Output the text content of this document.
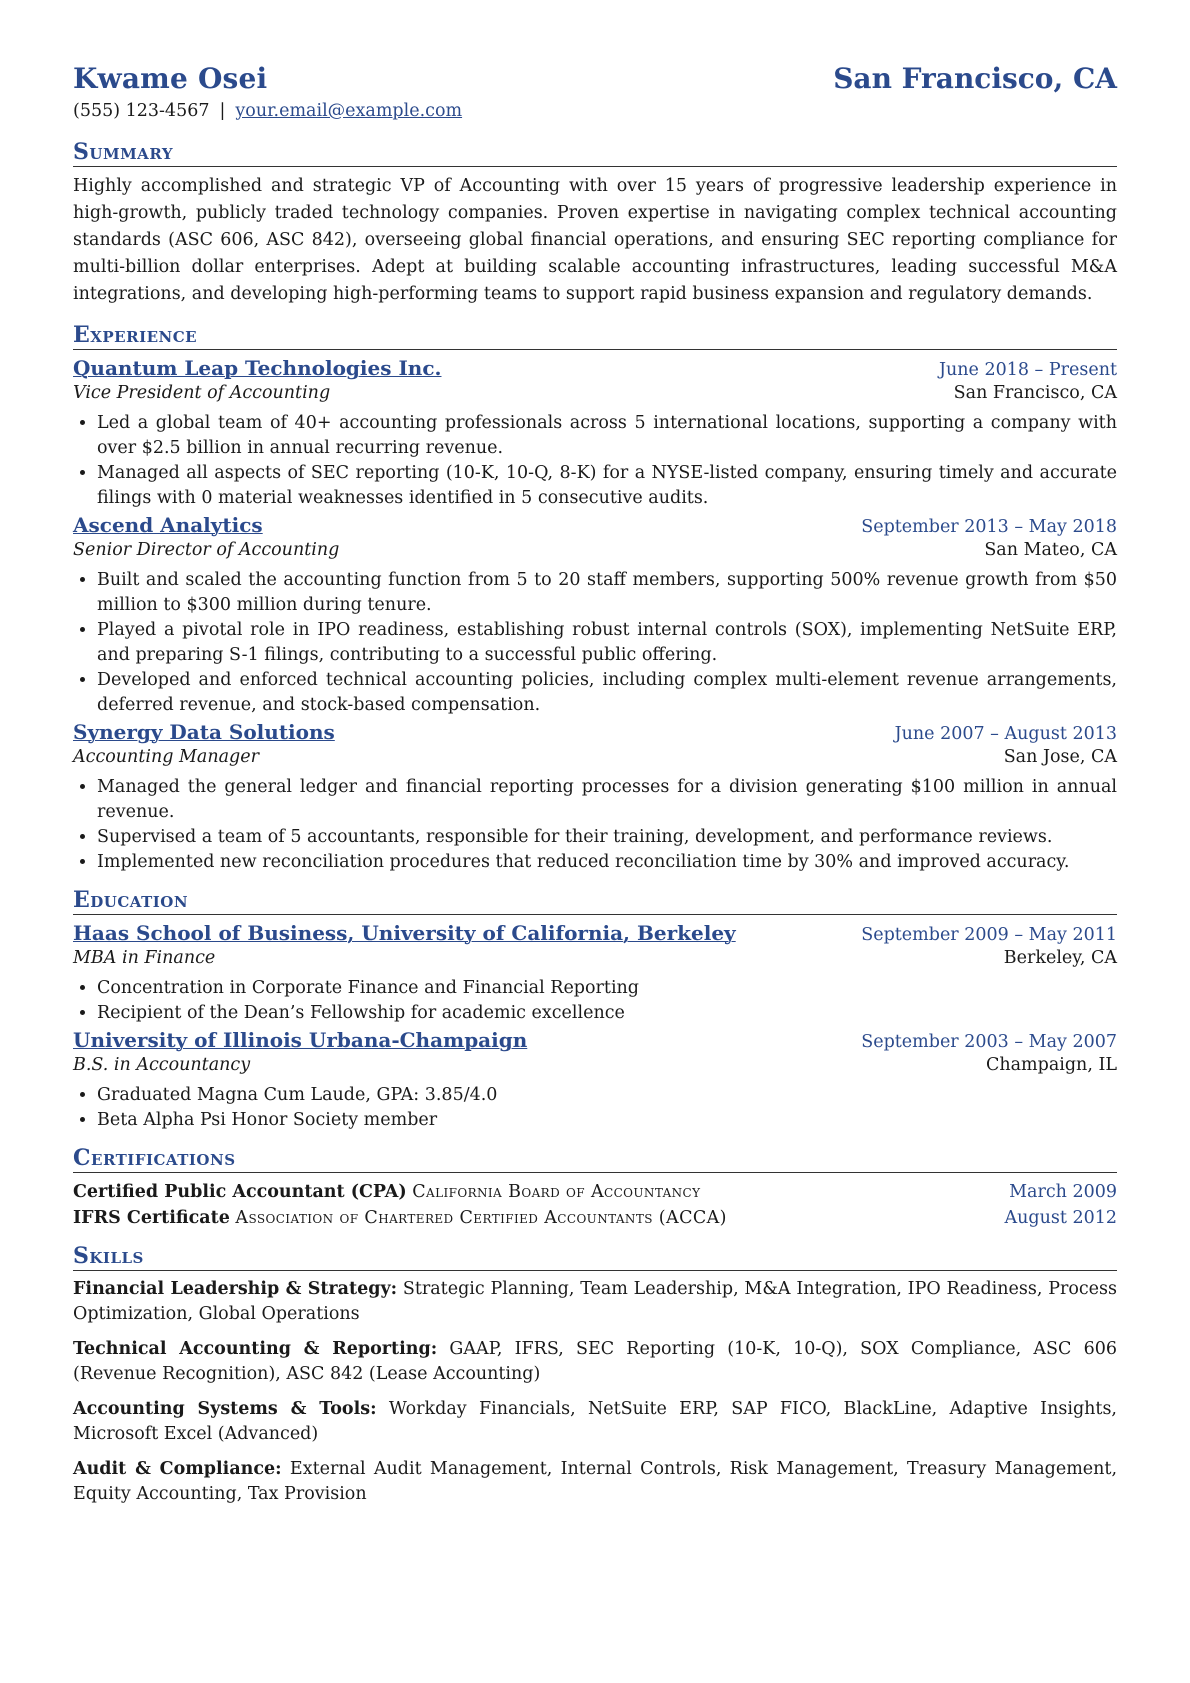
Kwame Osei	San Francisco, CA
(555) 123-4567 | your.email@example.com
Summary

Highly accomplished and strategic VP of Accounting with over 15 years of progressive leadership experience in high-growth, publicly traded technology companies. Proven expertise in navigating complex technical accounting standards (ASC 606, ASC 842), overseeing global financial operations, and ensuring SEC reporting compliance for multi-billion dollar enterprises. Adept at building scalable accounting infrastructures, leading successful M&A integrations, and developing high-performing teams to support rapid business expansion and regulatory demands.

Experience
Quantum Leap Technologies Inc.	June 2018 – Present
Vice President of Accounting	San Francisco, CA
• Led a global team of 40+ accounting professionals across 5 international locations, supporting a company with over $2.5 billion in annual recurring revenue.
• Managed all aspects of SEC reporting (10-K, 10-Q, 8-K) for a NYSE-listed company, ensuring timely and accurate filings with 0 material weaknesses identified in 5 consecutive audits.
Ascend Analytics	September 2013 – May 2018
Senior Director of Accounting	San Mateo, CA
• Built and scaled the accounting function from 5 to 20 staff members, supporting 500% revenue growth from $50 million to $300 million during tenure.
• Played a pivotal role in IPO readiness, establishing robust internal controls (SOX), implementing NetSuite ERP, and preparing S-1 filings, contributing to a successful public offering.
• Developed and enforced technical accounting policies, including complex multi-element revenue arrangements, deferred revenue, and stock-based compensation.
Synergy Data Solutions	June 2007 – August 2013
Accounting Manager	San Jose, CA
• Managed the general ledger and financial reporting processes for a division generating $100 million in annual revenue.
• Supervised a team of 5 accountants, responsible for their training, development, and performance reviews.
• Implemented new reconciliation procedures that reduced reconciliation time by 30% and improved accuracy.
Education
Haas School of Business, University of California, Berkeley	September 2009 – May 2011
MBA in Finance	Berkeley, CA
• Concentration in Corporate Finance and Financial Reporting
• Recipient of the Dean’s Fellowship for academic excellence
University of Illinois Urbana-Champaign	September 2003 – May 2007
B.S. in Accountancy	Champaign, IL
• Graduated Magna Cum Laude, GPA: 3.85/4.0
• Beta Alpha Psi Honor Society member
Certifications
Certified Public Accountant (CPA) California Board of Accountancy	March 2009
IFRS Certificate Association of Chartered Certified Accountants (ACCA)	August 2012
Skills
Financial Leadership & Strategy: Strategic Planning, Team Leadership, M&A Integration, IPO Readiness, Process Optimization, Global Operations
Technical Accounting & Reporting: GAAP, IFRS, SEC Reporting (10-K, 10-Q), SOX Compliance, ASC 606 (Revenue Recognition), ASC 842 (Lease Accounting)
Accounting Systems & Tools: Workday Financials, NetSuite ERP, SAP FICO, BlackLine, Adaptive Insights, Microsoft Excel (Advanced)
Audit & Compliance: External Audit Management, Internal Controls, Risk Management, Treasury Management, Equity Accounting, Tax Provision
